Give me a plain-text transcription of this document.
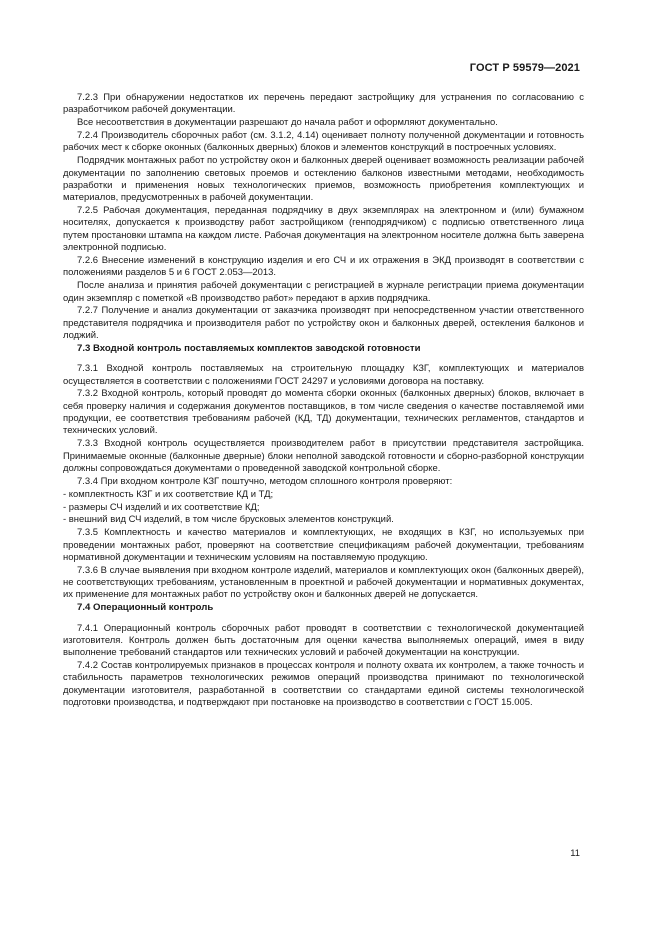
ГОСТ Р 59579—2021

7.2.3 При обнаружении недостатков их перечень передают застройщику для устранения по согласованию с разработчиком рабочей документации.

Все несоответствия в документации разрешают до начала работ и оформляют документально.

7.2.4 Производитель сборочных работ (см. 3.1.2, 4.14) оценивает полноту полученной документации и готовность рабочих мест к сборке оконных (балконных дверных) блоков и элементов конструкций в построечных условиях.

Подрядчик монтажных работ по устройству окон и балконных дверей оценивает возможность реализации рабочей документации по заполнению световых проемов и остеклению балконов известными методами, необходимость разработки и применения новых технологических приемов, возможность приобретения комплектующих и материалов, предусмотренных в рабочей документации.

7.2.5 Рабочая документация, переданная подрядчику в двух экземплярах на электронном и (или) бумажном носителях, допускается к производству работ застройщиком (генподрядчиком) с подписью ответственного лица путем простановки штампа на каждом листе. Рабочая документация на электронном носителе должна быть заверена электронной подписью.

7.2.6 Внесение изменений в конструкцию изделия и его СЧ и их отражения в ЭКД производят в соответствии с положениями разделов 5 и 6 ГОСТ 2.053—2013.

После анализа и принятия рабочей документации с регистрацией в журнале регистрации приема документации один экземпляр с пометкой «В производство работ» передают в архив подрядчика.

7.2.7 Получение и анализ документации от заказчика производят при непосредственном участии ответственного представителя подрядчика и производителя работ по устройству окон и балконных дверей, остекления балконов и лоджий.

7.3 Входной контроль поставляемых комплектов заводской готовности

7.3.1 Входной контроль поставляемых на строительную площадку КЗГ, комплектующих и материалов осуществляется в соответствии с положениями ГОСТ 24297 и условиями договора на поставку.

7.3.2 Входной контроль, который проводят до момента сборки оконных (балконных дверных) блоков, включает в себя проверку наличия и содержания документов поставщиков, в том числе сведения о качестве поставляемой ими продукции, ее соответствия требованиям рабочей (КД, ТД) документации, технических регламентов, стандартов и технических условий.

7.3.3 Входной контроль осуществляется производителем работ в присутствии представителя застройщика. Принимаемые оконные (балконные дверные) блоки неполной заводской готовности и сборно-разборной конструкции должны сопровождаться документами о проведенной заводской контрольной сборке.

7.3.4 При входном контроле КЗГ поштучно, методом сплошного контроля проверяют:

- комплектность КЗГ и их соответствие КД и ТД;

- размеры СЧ изделий и их соответствие КД;

- внешний вид СЧ изделий, в том числе брусковых элементов конструкций.

7.3.5 Комплектность и качество материалов и комплектующих, не входящих в КЗГ, но используемых при проведении монтажных работ, проверяют на соответствие спецификациям рабочей документации, требованиям нормативной документации и техническим условиям на поставляемую продукцию.

7.3.6 В случае выявления при входном контроле изделий, материалов и комплектующих окон (балконных дверей), не соответствующих требованиям, установленным в проектной и рабочей документации и нормативных документах, их применение для монтажных работ по устройству окон и балконных дверей не допускается.

7.4 Операционный контроль

7.4.1 Операционный контроль сборочных работ проводят в соответствии с технологической документацией изготовителя. Контроль должен быть достаточным для оценки качества выполняемых операций, имея в виду выполнение требований стандартов или технических условий и рабочей документации на конструкции.

7.4.2 Состав контролируемых признаков в процессах контроля и полноту охвата их контролем, а также точность и стабильность параметров технологических режимов операций производства принимают по технологической документации изготовителя, разработанной в соответствии со стандартами единой системы технологической подготовки производства, и подтверждают при постановке на производство в соответствии с ГОСТ 15.005.

11
